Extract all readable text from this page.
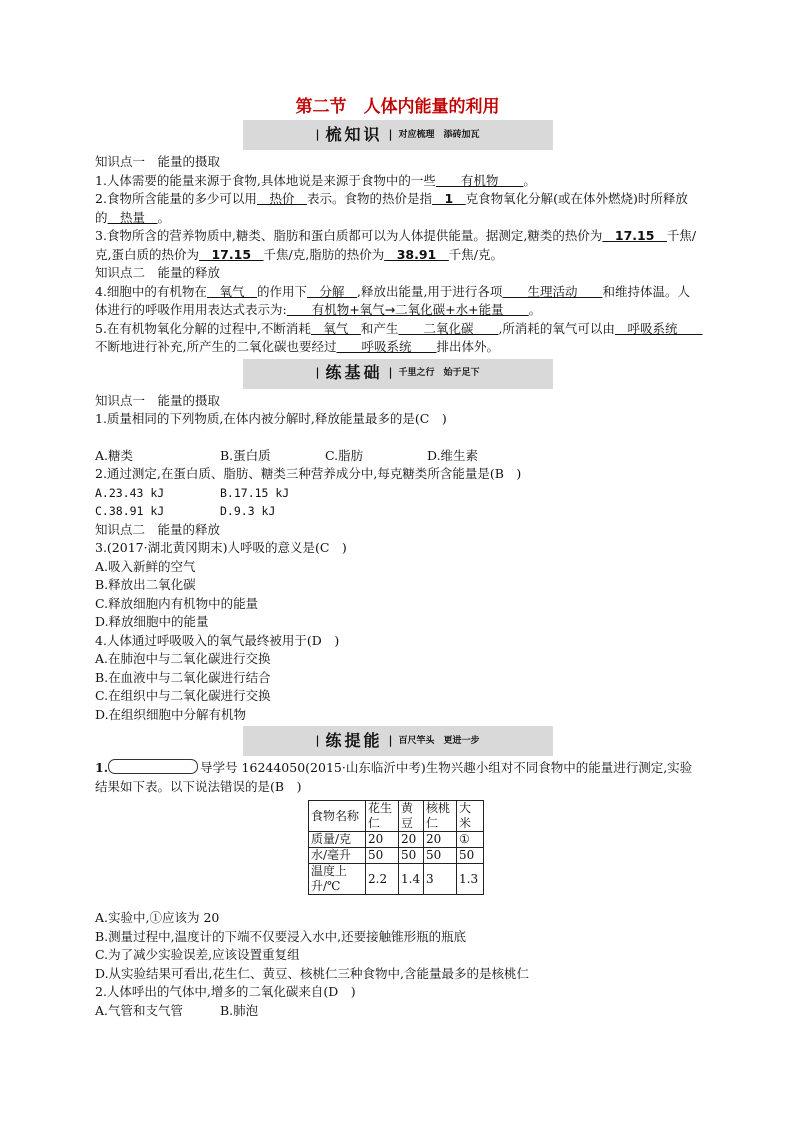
第二节　人体内能量的利用
| 梳知识 | 对应梳理　添砖加瓦

知识点一　能量的摄取

1.人体需要的能量来源于食物,具体地说是来源于食物中的一些　　有机物　　。

2.食物所含能量的多少可以用　热价　表示。食物的热价是指　1　克食物氧化分解(或在体外燃烧)时所释放的　热量　。

3.食物所含的营养物质中,糖类、脂肪和蛋白质都可以为人体提供能量。据测定,糖类的热价为　17.15　千焦/克,蛋白质的热价为　17.15　千焦/克,脂肪的热价为　38.91　千焦/克。

知识点二　能量的释放

4.细胞中的有机物在　氧气　的作用下　分解　,释放出能量,用于进行各项　　生理活动　　和维持体温。人体进行的呼吸作用用表达式表示为:　　有机物+氧气→二氧化碳+水+能量　　。

5.在有机物氧化分解的过程中,不断消耗　氧气　和产生　　二氧化碳　　,所消耗的氧气可以由　呼吸系统　　不断地进行补充,所产生的二氧化碳也要经过　　呼吸系统　　排出体外。

| 练基础 | 千里之行　始于足下

知识点一　能量的摄取

1.质量相同的下列物质,在体内被分解时,释放能量最多的是(C　)

A.糖类	B.蛋白质	C.脂肪	D.维生素

2.通过测定,在蛋白质、脂肪、糖类三种营养成分中,每克糖类所含能量是(B　)

A.23.43 kJ	B.17.15 kJ

C.38.91 kJ	D.9.3 kJ

知识点二　能量的释放

3.(2017·湖北黄冈期末)人呼吸的意义是(C　)

A.吸入新鲜的空气

B.释放出二氧化碳

C.释放细胞内有机物中的能量

D.释放细胞中的能量

4.人体通过呼吸吸入的氧气最终被用于(D　)

A.在肺泡中与二氧化碳进行交换

B.在血液中与二氧化碳进行结合

C.在组织中与二氧化碳进行交换

D.在组织细胞中分解有机物

| 练提能 | 百尺竿头　更进一步

1.	导学号 16244050(2015·山东临沂中考)生物兴趣小组对不同食物中的能量进行测定,实验结果如下表。以下说法错误的是(B　)

食物名称	花生仁	黄豆	核桃仁	大米
质量/克	20	20	20	①
水/毫升	50	50	50	50
温度上升/℃	2.2	1.4	3	1.3

A.实验中,①应该为 20

B.测量过程中,温度计的下端不仅要浸入水中,还要接触锥形瓶的瓶底

C.为了减少实验误差,应该设置重复组

D.从实验结果可看出,花生仁、黄豆、核桃仁三种食物中,含能量最多的是核桃仁

2.人体呼出的气体中,增多的二氧化碳来自(D　)

A.气管和支气管	B.肺泡
